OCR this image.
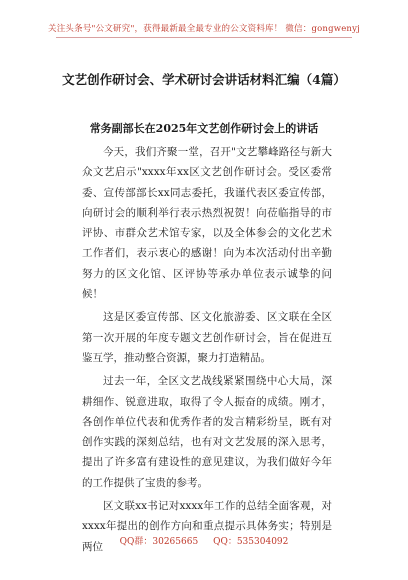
关注头条号"公文研究"，获得最新最全最专业的公文资料库！ 微信：gongwenyj
文艺创作研讨会、学术研讨会讲话材料汇编（4篇）
常务副部长在2025年文艺创作研讨会上的讲话

今天，我们齐聚一堂，召开"文艺攀峰路径与新大众文艺启示"xxxx年xx区文艺创作研讨会。受区委常委、宣传部部长xx同志委托，我谨代表区委宣传部，向研讨会的顺利举行表示热烈祝贺！向莅临指导的市评协、市群众艺术馆专家，以及全体参会的文化艺术工作者们，表示衷心的感谢！向为本次活动付出辛勤努力的区文化馆、区评协等承办单位表示诚挚的问候！

这是区委宣传部、区文化旅游委、区文联在全区第一次开展的年度专题文艺创作研讨会，旨在促进互鉴互学，推动整合资源，聚力打造精品。

过去一年，全区文艺战线紧紧围绕中心大局，深耕细作、锐意进取，取得了令人振奋的成绩。刚才，各创作单位代表和优秀作者的发言精彩纷呈，既有对创作实践的深刻总结，也有对文艺发展的深入思考，提出了许多富有建设性的意见建议，为我们做好今年的工作提供了宝贵的参考。

区文联xx书记对xxxx年工作的总结全面客观，对xxxx年提出的创作方向和重点提示具体务实；特别是两位	QQ群：30265665 QQ：535304092
